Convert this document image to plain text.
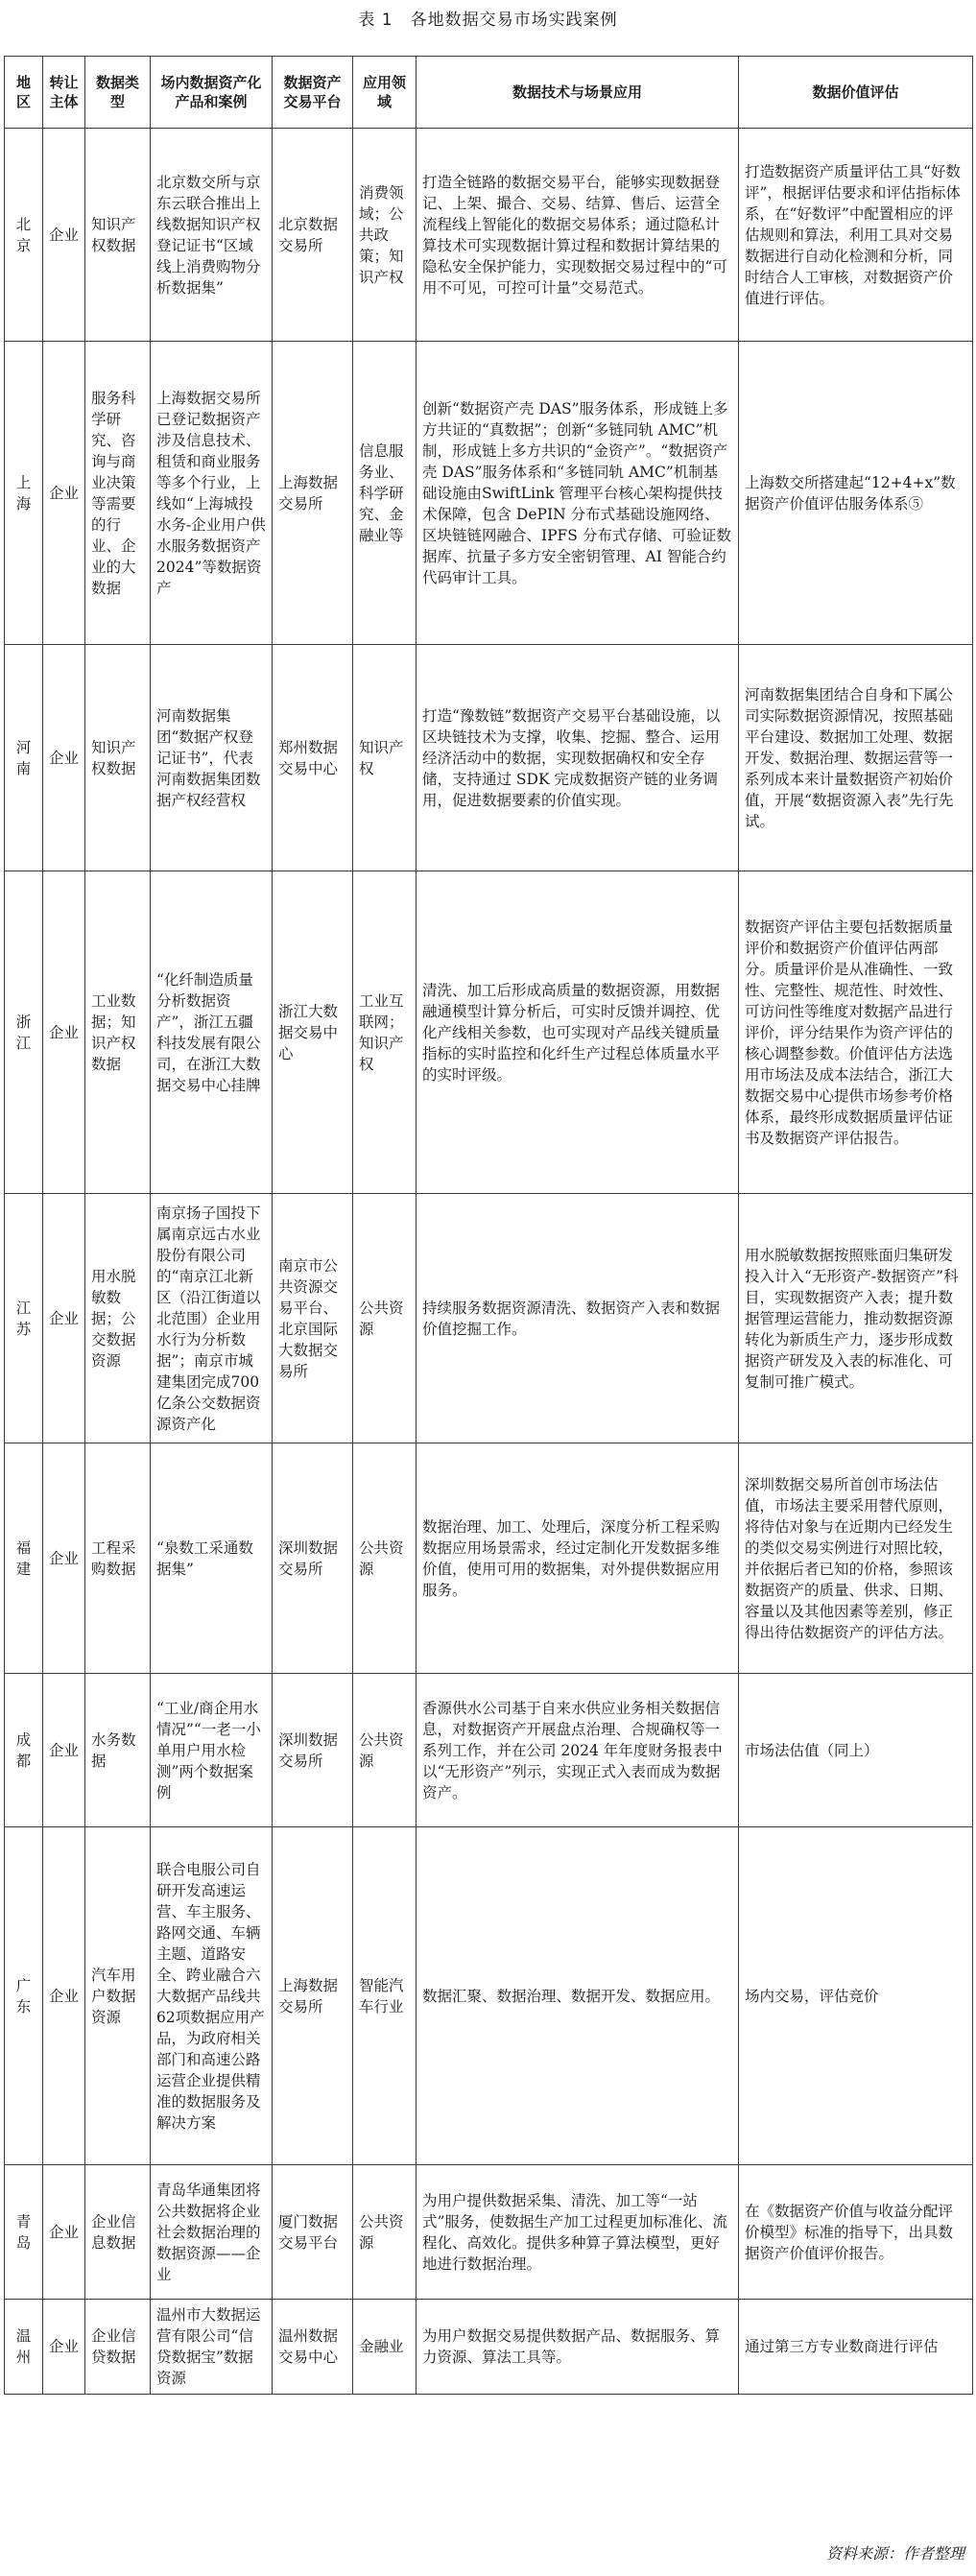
表 1　各地数据交易市场实践案例
地区	转让主体	数据类型	场内数据资产化产品和案例	数据资产交易平台	应用领域	数据技术与场景应用	数据价值评估
北京	企业	知识产权数据	北京数交所与京东云联合推出上线数据知识产权登记证书“区域线上消费购物分析数据集”	北京数据交易所	消费领域；公共政策；知识产权	打造全链路的数据交易平台，能够实现数据登记、上架、撮合、交易、结算、售后、运营全流程线上智能化的数据交易体系；通过隐私计算技术可实现数据计算过程和数据计算结果的隐私安全保护能力，实现数据交易过程中的“可用不可见，可控可计量”交易范式。	打造数据资产质量评估工具“好数评”，根据评估要求和评估指标体系，在“好数评”中配置相应的评估规则和算法，利用工具对交易数据进行自动化检测和分析，同时结合人工审核，对数据资产价值进行评估。
上海	企业	服务科学研究、咨询与商业决策等需要的行业、企业的大数据	上海数据交易所已登记数据资产涉及信息技术、租赁和商业服务等多个行业，上线如“上海城投水务-企业用户供水服务数据资产2024”等数据资产	上海数据交易所	信息服务业、科学研究、金融业等	创新“数据资产壳 DAS”服务体系，形成链上多方共证的“真数据”；创新“多链同轨 AMC”机制，形成链上多方共识的“金资产”。“数据资产壳 DAS”服务体系和“多链同轨 AMC”机制基础设施由SwiftLink 管理平台核心架构提供技术保障，包含 DePIN 分布式基础设施网络、区块链链网融合、IPFS 分布式存储、可验证数据库、抗量子多方安全密钥管理、AI 智能合约代码审计工具。	上海数交所搭建起“12+4+x”数据资产价值评估服务体系⑤
河南	企业	知识产权数据	河南数据集团“数据产权登记证书”，代表河南数据集团数据产权经营权	郑州数据交易中心	知识产权	打造“豫数链”数据资产交易平台基础设施，以区块链技术为支撑，收集、挖掘、整合、运用经济活动中的数据，实现数据确权和安全存储，支持通过 SDK 完成数据资产链的业务调用，促进数据要素的价值实现。	河南数据集团结合自身和下属公司实际数据资源情况，按照基础平台建设、数据加工处理、数据开发、数据治理、数据运营等一系列成本来计量数据资产初始价值，开展“数据资源入表”先行先试。
浙江	企业	工业数据；知识产权数据	“化纤制造质量分析数据资产”，浙江五疆科技发展有限公司，在浙江大数据交易中心挂牌	浙江大数据交易中心	工业互联网；知识产权	清洗、加工后形成高质量的数据资源，用数据融通模型计算分析后，可实时反馈并调控、优化产线相关参数，也可实现对产品线关键质量指标的实时监控和化纤生产过程总体质量水平的实时评级。	数据资产评估主要包括数据质量评价和数据资产价值评估两部分。质量评价是从准确性、一致性、完整性、规范性、时效性、可访问性等维度对数据产品进行评价，评分结果作为资产评估的核心调整参数。价值评估方法选用市场法及成本法结合，浙江大数据交易中心提供市场参考价格体系，最终形成数据质量评估证书及数据资产评估报告。
江苏	企业	用水脱敏数据；公交数据资源	南京扬子国投下属南京远古水业股份有限公司的“南京江北新区（沿江街道以北范围）企业用水行为分析数据”；南京市城建集团完成700亿条公交数据资源资产化	南京市公共资源交易平台、北京国际大数据交易所	公共资源	持续服务数据资源清洗、数据资产入表和数据价值挖掘工作。	用水脱敏数据按照账面归集研发投入计入“无形资产-数据资产”科目，实现数据资产入表；提升数据管理运营能力，推动数据资源转化为新质生产力，逐步形成数据资产研发及入表的标准化、可复制可推广模式。
福建	企业	工程采购数据	“泉数工采通数据集”	深圳数据交易所	公共资源	数据治理、加工、处理后，深度分析工程采购数据应用场景需求，经过定制化开发数据多维价值，使用可用的数据集，对外提供数据应用服务。	深圳数据交易所首创市场法估值，市场法主要采用替代原则，将待估对象与在近期内已经发生的类似交易实例进行对照比较，并依据后者已知的价格，参照该数据资产的质量、供求、日期、容量以及其他因素等差别，修正得出待估数据资产的评估方法。
成都	企业	水务数据	“工业/商企用水情况”“一老一小单用户用水检测”两个数据案例	深圳数据交易所	公共资源	香源供水公司基于自来水供应业务相关数据信息，对数据资产开展盘点治理、合规确权等一系列工作，并在公司 2024 年年度财务报表中以“无形资产”列示，实现正式入表而成为数据资产。	市场法估值（同上）
广东	企业	汽车用户数据资源	联合电服公司自研开发高速运营、车主服务、路网交通、车辆主题、道路安全、跨业融合六大数据产品线共62项数据应用产品，为政府相关部门和高速公路运营企业提供精准的数据服务及解决方案	上海数据交易所	智能汽车行业	数据汇聚、数据治理、数据开发、数据应用。	场内交易，评估竞价
青岛	企业	企业信息数据	青岛华通集团将公共数据将企业社会数据治理的数据资源——企业	厦门数据交易平台	公共资源	为用户提供数据采集、清洗、加工等“一站式”服务，使数据生产加工过程更加标准化、流程化、高效化。提供多种算子算法模型，更好地进行数据治理。	在《数据资产价值与收益分配评价模型》标准的指导下，出具数据资产价值评价报告。
温州	企业	企业信贷数据	温州市大数据运营有限公司“信贷数据宝”数据资源	温州数据交易中心	金融业	为用户数据交易提供数据产品、数据服务、算力资源、算法工具等。	通过第三方专业数商进行评估
资料来源：作者整理
